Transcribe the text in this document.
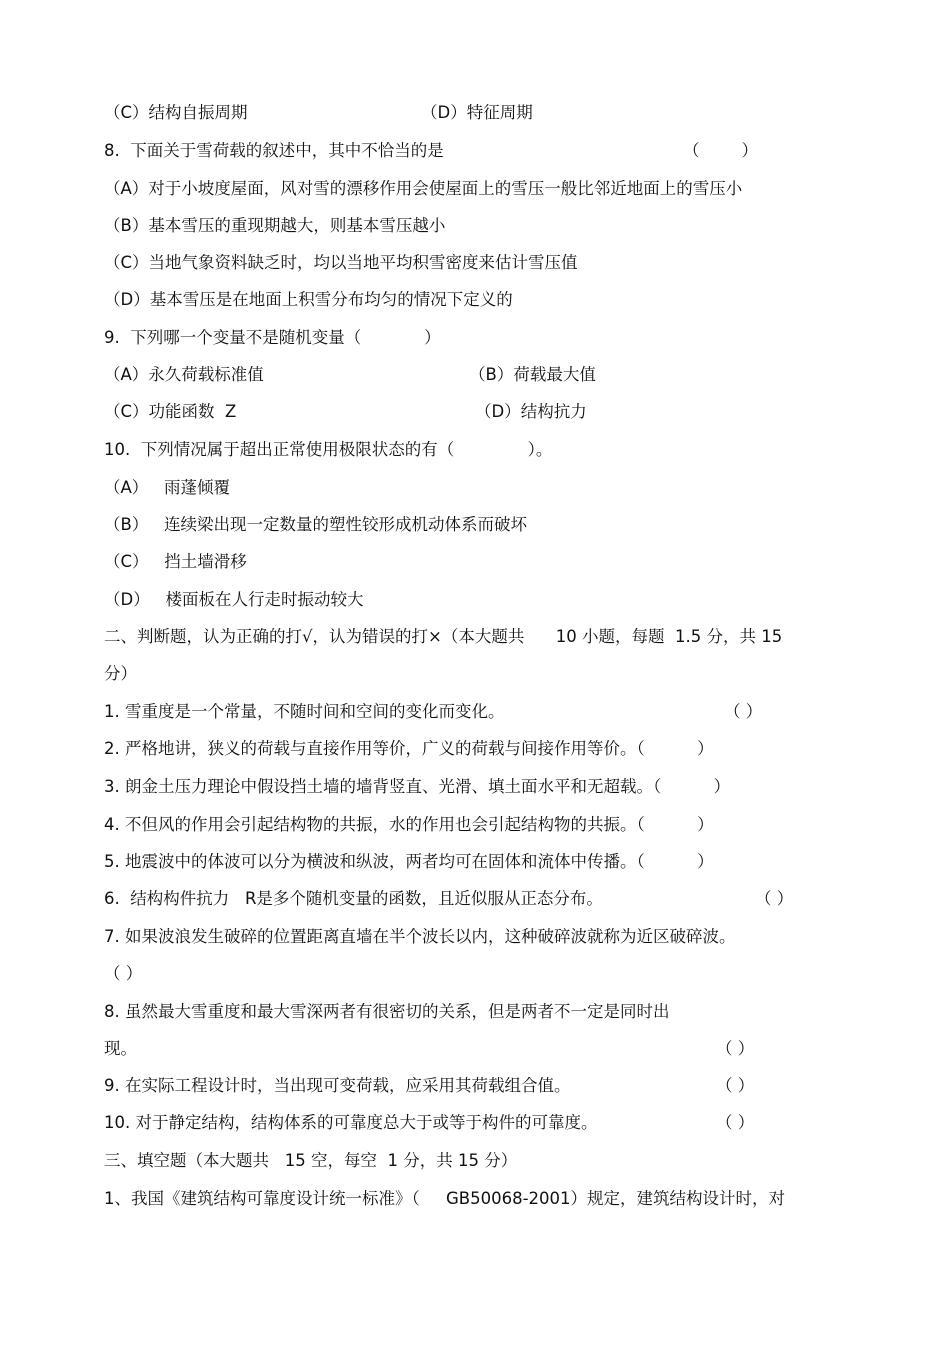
（C）结构自振周期	（D）特征周期
8.  下面关于雪荷载的叙述中，其中不恰当的是	（        ）
（A）对于小坡度屋面，风对雪的漂移作用会使屋面上的雪压一般比邻近地面上的雪压小
（B）基本雪压的重现期越大，则基本雪压越小
（C）当地气象资料缺乏时，均以当地平均积雪密度来估计雪压值
（D）基本雪压是在地面上积雪分布均匀的情况下定义的
9.  下列哪一个变量不是随机变量（            ）
（A）永久荷载标准值	（B）荷载最大值
（C）功能函数  Z	（D）结构抗力
10.  下列情况属于超出正常使用极限状态的有（              ）。
（A）   雨蓬倾覆
（B）   连续梁出现一定数量的塑性铰形成机动体系而破坏
（C）   挡土墙滑移
（D）   楼面板在人行走时振动较大
二、判断题，认为正确的打√，认为错误的打×（本大题共      10 小题，每题  1.5 分，共 15
分）
1. 雪重度是一个常量，不随时间和空间的变化而变化。	（ ）
2. 严格地讲，狭义的荷载与直接作用等价，广义的荷载与间接作用等价。（          ）
3. 朗金土压力理论中假设挡土墙的墙背竖直、光滑、填土面水平和无超载。（          ）
4. 不但风的作用会引起结构物的共振，水的作用也会引起结构物的共振。（          ）
5. 地震波中的体波可以分为横波和纵波，两者均可在固体和流体中传播。（          ）
6.  结构构件抗力   R是多个随机变量的函数，且近似服从正态分布。	（ ）
7. 如果波浪发生破碎的位置距离直墙在半个波长以内，这种破碎波就称为近区破碎波。
（ ）
8. 虽然最大雪重度和最大雪深两者有很密切的关系，但是两者不一定是同时出
现。	（ ）
9. 在实际工程设计时，当出现可变荷载，应采用其荷载组合值。	（ ）
10. 对于静定结构，结构体系的可靠度总大于或等于构件的可靠度。	（ ）
三、填空题（本大题共   15 空，每空  1 分，共 15 分）
1、我国《建筑结构可靠度设计统一标准》（     GB50068-2001）规定，建筑结构设计时，对
